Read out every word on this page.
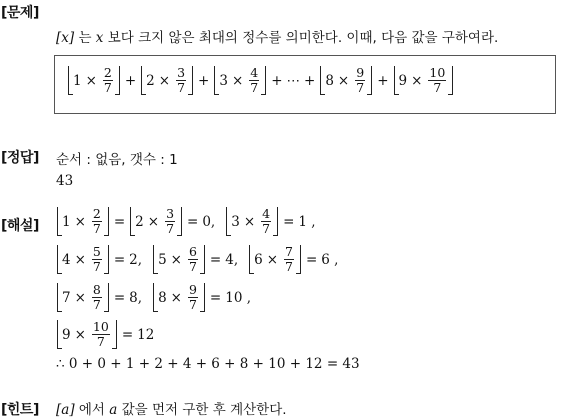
[문제]
[x] 는 x 보다 크지 않은 최대의 정수를 의미한다. 이때, 다음 값을 구하여라.
$1 \times \frac{2}{7} + 2 \times \frac{3}{7} + 3 \times \frac{4}{7}$ + ⋯ + $8 \times \frac{9}{7} + 9 \times \frac{10}{7}$
[정답] 순서 : 없음, 갯수 : 1
43
[해설] $1 \times \frac{2}{7} = 2 \times \frac{3}{7} = 0$, $3 \times \frac{4}{7} = 1$ ,
$4 \times \frac{5}{7} = 2$, $5 \times \frac{6}{7} = 4$, $6 \times \frac{7}{7} = 6$ ,
$7 \times \frac{8}{7} = 8$, $8 \times \frac{9}{7} = 10$ ,
$9 \times \frac{10}{7} = 12$
∴ 0 + 0 + 1 + 2 + 4 + 6 + 8 + 10 + 12 = 43
[힌트] [a] 에서 a 값을 먼저 구한 후 계산한다.
